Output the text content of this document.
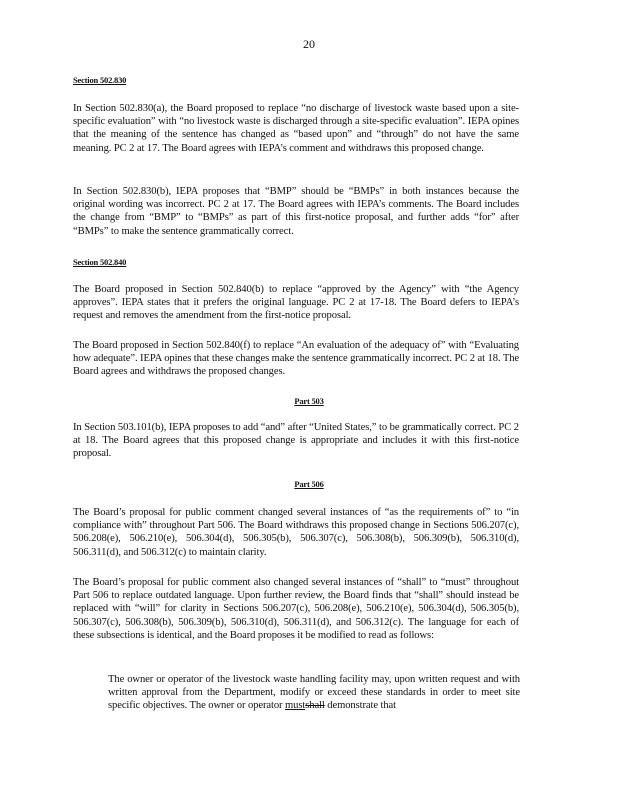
20
Section 502.830
In Section 502.830(a), the Board proposed to replace “no discharge of livestock waste based upon a site-specific evaluation” with “no livestock waste is discharged through a site-specific evaluation”. IEPA opines that the meaning of the sentence has changed as “based upon” and “through” do not have the same meaning. PC 2 at 17. The Board agrees with IEPA’s comment and withdraws this proposed change.
In Section 502.830(b), IEPA proposes that “BMP” should be “BMPs” in both instances because the original wording was incorrect. PC 2 at 17. The Board agrees with IEPA’s comments. The Board includes the change from “BMP” to “BMPs” as part of this first-notice proposal, and further adds “for” after “BMPs” to make the sentence grammatically correct.
Section 502.840
The Board proposed in Section 502.840(b) to replace “approved by the Agency” with “the Agency approves”. IEPA states that it prefers the original language. PC 2 at 17-18. The Board defers to IEPA’s request and removes the amendment from the first-notice proposal.
The Board proposed in Section 502.840(f) to replace “An evaluation of the adequacy of” with “Evaluating how adequate”. IEPA opines that these changes make the sentence grammatically incorrect. PC 2 at 18. The Board agrees and withdraws the proposed changes.
Part 503
In Section 503.101(b), IEPA proposes to add “and” after “United States,” to be grammatically correct. PC 2 at 18. The Board agrees that this proposed change is appropriate and includes it with this first-notice proposal.
Part 506
The Board’s proposal for public comment changed several instances of “as the requirements of” to “in compliance with” throughout Part 506. The Board withdraws this proposed change in Sections 506.207(c), 506.208(e), 506.210(e), 506.304(d), 506.305(b), 506.307(c), 506.308(b), 506.309(b), 506.310(d), 506.311(d), and 506.312(c) to maintain clarity.
The Board’s proposal for public comment also changed several instances of “shall” to “must” throughout Part 506 to replace outdated language. Upon further review, the Board finds that “shall” should instead be replaced with “will” for clarity in Sections 506.207(c), 506.208(e), 506.210(e), 506.304(d), 506.305(b), 506.307(c), 506.308(b), 506.309(b), 506.310(d), 506.311(d), and 506.312(c). The language for each of these subsections is identical, and the Board proposes it be modified to read as follows:
The owner or operator of the livestock waste handling facility may, upon written request and with written approval from the Department, modify or exceed these standards in order to meet site specific objectives. The owner or operator mustshall demonstrate that
